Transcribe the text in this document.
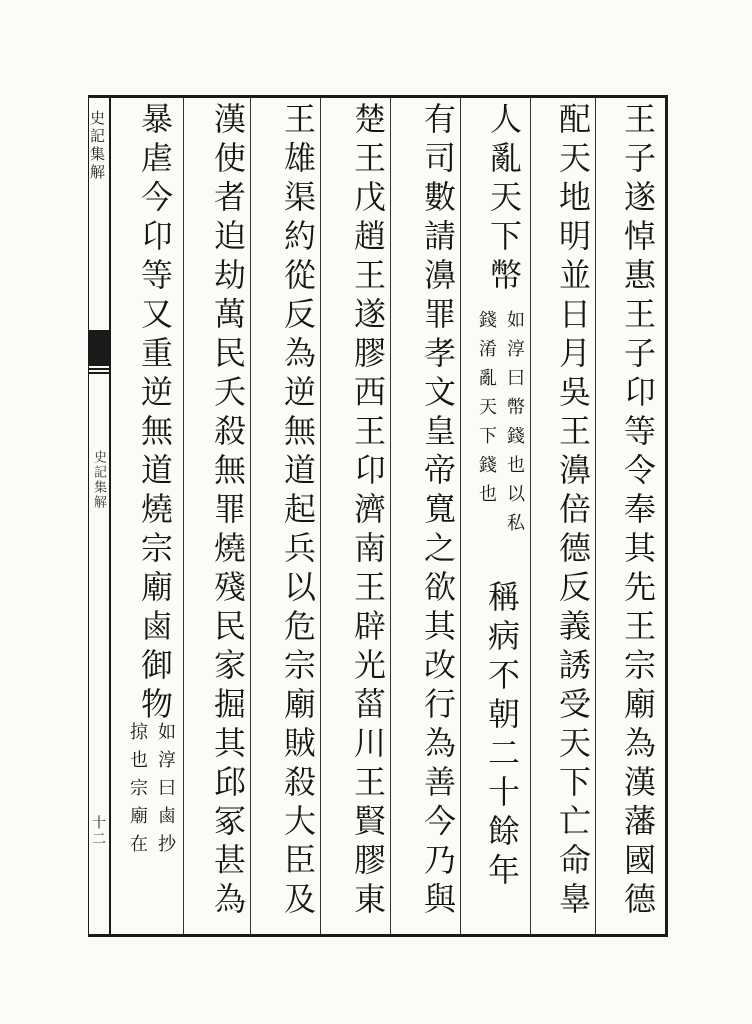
史記集解
史記集解
十二	王子遂悼惠王子卬等令奉其先王宗廟為漢藩國德
配天地明並日月吳王濞倍德反義誘受天下亡命辠
人亂天下幣
如淳曰幣錢也以私
錢淆亂天下錢也
稱病不朝二十餘年
有司數請濞罪孝文皇帝寬之欲其改行為善今乃與
楚王戊趙王遂膠西王卬濟南王辟光菑川王賢膠東
王雄渠約從反為逆無道起兵以危宗廟賊殺大臣及
漢使者迫劫萬民夭殺無罪燒殘民家掘其邱冢甚為
暴虐今卬等又重逆無道燒宗廟鹵御物
如淳曰鹵抄
掠也宗廟在
